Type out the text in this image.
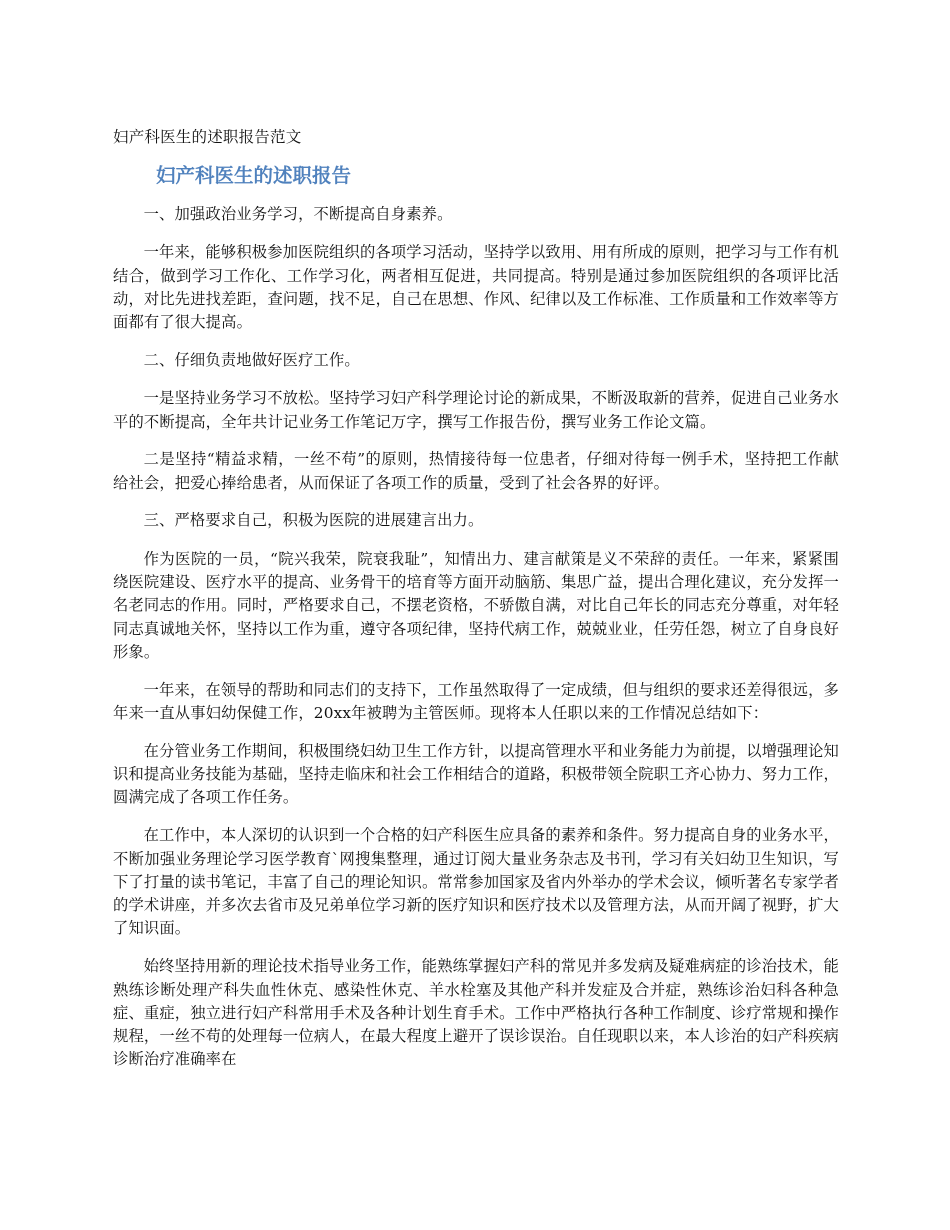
妇产科医生的述职报告范文
妇产科医生的述职报告

一、加强政治业务学习，不断提高自身素养。

一年来，能够积极参加医院组织的各项学习活动，坚持学以致用、用有所成的原则，把学习与工作有机结合，做到学习工作化、工作学习化，两者相互促进，共同提高。特别是通过参加医院组织的各项评比活动，对比先进找差距，查问题，找不足，自己在思想、作风、纪律以及工作标准、工作质量和工作效率等方面都有了很大提高。

二、仔细负责地做好医疗工作。

一是坚持业务学习不放松。坚持学习妇产科学理论讨论的新成果，不断汲取新的营养，促进自己业务水平的不断提高，全年共计记业务工作笔记万字，撰写工作报告份，撰写业务工作论文篇。

二是坚持“精益求精，一丝不苟”的原则，热情接待每一位患者，仔细对待每一例手术，坚持把工作献给社会，把爱心捧给患者，从而保证了各项工作的质量，受到了社会各界的好评。

三、严格要求自己，积极为医院的进展建言出力。

作为医院的一员，“院兴我荣，院衰我耻”，知情出力、建言献策是义不荣辞的责任。一年来，紧紧围绕医院建设、医疗水平的提高、业务骨干的培育等方面开动脑筋、集思广益，提出合理化建议，充分发挥一名老同志的作用。同时，严格要求自己，不摆老资格，不骄傲自满，对比自己年长的同志充分尊重，对年轻同志真诚地关怀，坚持以工作为重，遵守各项纪律，坚持代病工作，兢兢业业，任劳任怨，树立了自身良好形象。

一年来，在领导的帮助和同志们的支持下，工作虽然取得了一定成绩，但与组织的要求还差得很远，多年来一直从事妇幼保健工作，20xx年被聘为主管医师。现将本人任职以来的工作情况总结如下：

在分管业务工作期间，积极围绕妇幼卫生工作方针，以提高管理水平和业务能力为前提，以增强理论知识和提高业务技能为基础，坚持走临床和社会工作相结合的道路，积极带领全院职工齐心协力、努力工作，圆满完成了各项工作任务。

在工作中，本人深切的认识到一个合格的妇产科医生应具备的素养和条件。努力提高自身的业务水平，不断加强业务理论学习医学教育`网搜集整理，通过订阅大量业务杂志及书刊，学习有关妇幼卫生知识，写下了打量的读书笔记，丰富了自己的理论知识。常常参加国家及省内外举办的学术会议，倾听著名专家学者的学术讲座，并多次去省市及兄弟单位学习新的医疗知识和医疗技术以及管理方法，从而开阔了视野，扩大了知识面。

始终坚持用新的理论技术指导业务工作，能熟练掌握妇产科的常见并多发病及疑难病症的诊治技术，能熟练诊断处理产科失血性休克、感染性休克、羊水栓塞及其他产科并发症及合并症，熟练诊治妇科各种急症、重症，独立进行妇产科常用手术及各种计划生育手术。工作中严格执行各种工作制度、诊疗常规和操作规程，一丝不苟的处理每一位病人，在最大程度上避开了误诊误治。自任现职以来，本人诊治的妇产科疾病诊断治疗准确率在
